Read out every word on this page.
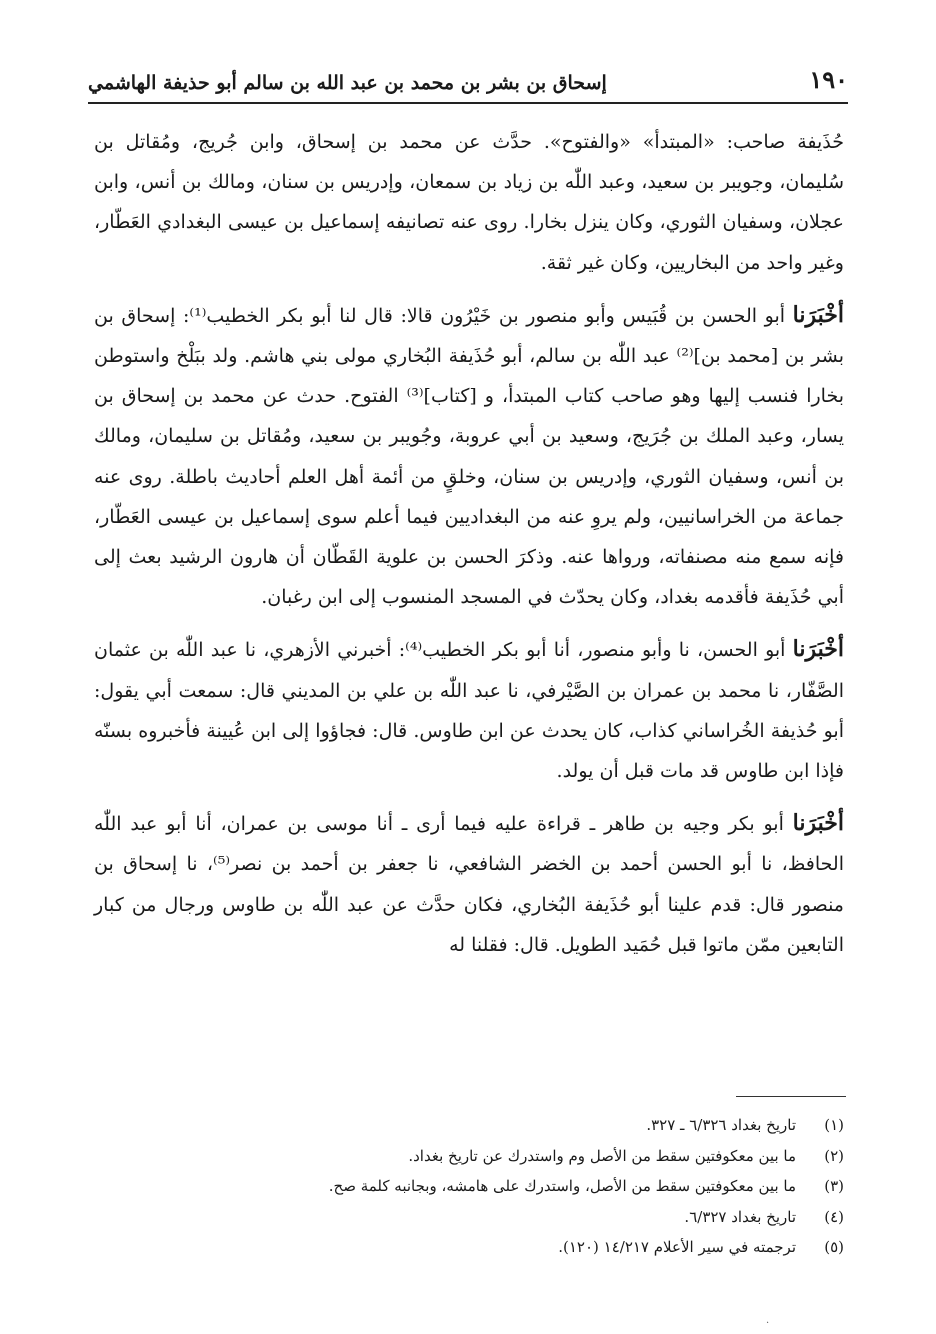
١٩٠
إسحاق بن بشر بن محمد بن عبد الله بن سالم أبو حذيفة الهاشمي

حُذَيفة صاحب: «المبتدأ» «والفتوح». حدَّث عن محمد بن إسحاق، وابن جُريج، ومُقاتل بن سُليمان، وجويبر بن سعيد، وعبد اللّٰه بن زياد بن سمعان، وإدريس بن سنان، ومالك بن أنس، وابن عجلان، وسفيان الثوري، وكان ينزل بخارا. روى عنه تصانيفه إسماعيل بن عيسى البغدادي العَطّار، وغير واحد من البخاريين، وكان غير ثقة.

أخْبَرَنا أبو الحسن بن قُبَيس وأبو منصور بن خَيْرُون قالا: قال لنا أبو بكر الخطيب⁽¹⁾: إسحاق بن بشر بن [محمد بن]⁽²⁾ عبد اللّٰه بن سالم، أبو حُذَيفة البُخاري مولى بني هاشم. ولد ببَلْخ واستوطن بخارا فنسب إليها وهو صاحب كتاب المبتدأ، و [كتاب]⁽³⁾ الفتوح. حدث عن محمد بن إسحاق بن يسار، وعبد الملك بن جُرَيج، وسعيد بن أبي عروبة، وجُويبر بن سعيد، ومُقاتل بن سليمان، ومالك بن أنس، وسفيان الثوري، وإدريس بن سنان، وخلقٍ من أئمة أهل العلم أحاديث باطلة. روى عنه جماعة من الخراسانيين، ولم يروِ عنه من البغداديين فيما أعلم سوى إسماعيل بن عيسى العَطّار، فإنه سمع منه مصنفاته، ورواها عنه. وذكرَ الحسن بن علوية القَطّان أن هارون الرشيد بعث إلى أبي حُذَيفة فأقدمه بغداد، وكان يحدّث في المسجد المنسوب إلى ابن رغبان.

أخْبَرَنا أبو الحسن، نا وأبو منصور، أنا أبو بكر الخطيب⁽⁴⁾: أخبرني الأزهري، نا عبد اللّٰه بن عثمان الصَّفّار، نا محمد بن عمران بن الصَّيْرفي، نا عبد اللّٰه بن علي بن المديني قال: سمعت أبي يقول: أبو حُذيفة الخُراساني كذاب، كان يحدث عن ابن طاوس. قال: فجاؤوا إلى ابن عُيينة فأخبروه بسنّه فإذا ابن طاوس قد مات قبل أن يولد.

أخْبَرَنا أبو بكر وجيه بن طاهر ـ قراءة عليه فيما أرى ـ أنا موسى بن عمران، أنا أبو عبد اللّٰه الحافظ، نا أبو الحسن أحمد بن الخضر الشافعي، نا جعفر بن أحمد بن نصر⁽⁵⁾، نا إسحاق بن منصور قال: قدم علينا أبو حُذَيفة البُخاري، فكان حدَّث عن عبد اللّٰه بن طاوس ورجال من كبار التابعين ممّن ماتوا قبل حُمَيد الطويل. قال: فقلنا له

(١)تاريخ بغداد ٦/٣٢٦ ـ ٣٢٧.
(٢)ما بين معكوفتين سقط من الأصل وم واستدرك عن تاريخ بغداد.
(٣)ما بين معكوفتين سقط من الأصل، واستدرك على هامشه، وبجانبه كلمة صح.
(٤)تاريخ بغداد ٦/٣٢٧.
(٥)ترجمته في سير الأعلام ١٤/٢١٧ (١٢٠).
·
